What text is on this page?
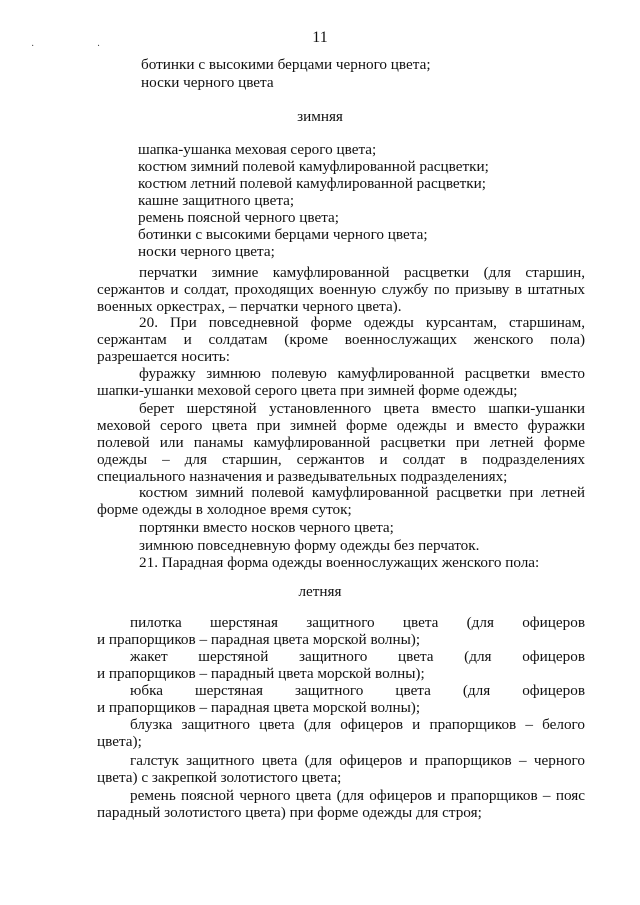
· ·
11
ботинки с высокими берцами черного цвета;
носки черного цвета
зимняя
шапка-ушанка меховая серого цвета;
костюм зимний полевой камуфлированной расцветки;
костюм летний полевой камуфлированной расцветки;
кашне защитного цвета;
ремень поясной черного цвета;
ботинки с высокими берцами черного цвета;
носки черного цвета;
перчатки зимние камуфлированной расцветки (для старшин,
сержантов и солдат, проходящих военную службу по призыву в штатных
военных оркестрах, – перчатки черного цвета).
20. При повседневной форме одежды курсантам, старшинам,
сержантам и солдатам (кроме военнослужащих женского пола)
разрешается носить:
фуражку зимнюю полевую камуфлированной расцветки вместо
шапки-ушанки меховой серого цвета при зимней форме одежды;
берет шерстяной установленного цвета вместо шапки-ушанки
меховой серого цвета при зимней форме одежды и вместо фуражки
полевой или панамы камуфлированной расцветки при летней форме
одежды – для старшин, сержантов и солдат в подразделениях
специального назначения и разведывательных подразделениях;
костюм зимний полевой камуфлированной расцветки при летней
форме одежды в холодное время суток;
портянки вместо носков черного цвета;
зимнюю повседневную форму одежды без перчаток.
21. Парадная форма одежды военнослужащих женского пола:
летняя
пилотка шерстяная защитного цвета (для офицеров
и прапорщиков – парадная цвета морской волны);
жакет шерстяной защитного цвета (для офицеров
и прапорщиков – парадный цвета морской волны);
юбка шерстяная защитного цвета (для офицеров
и прапорщиков – парадная цвета морской волны);
блузка защитного цвета (для офицеров и прапорщиков – белого
цвета);
галстук защитного цвета (для офицеров и прапорщиков – черного
цвета) с закрепкой золотистого цвета;
ремень поясной черного цвета (для офицеров и прапорщиков – пояс
парадный золотистого цвета) при форме одежды для строя;
